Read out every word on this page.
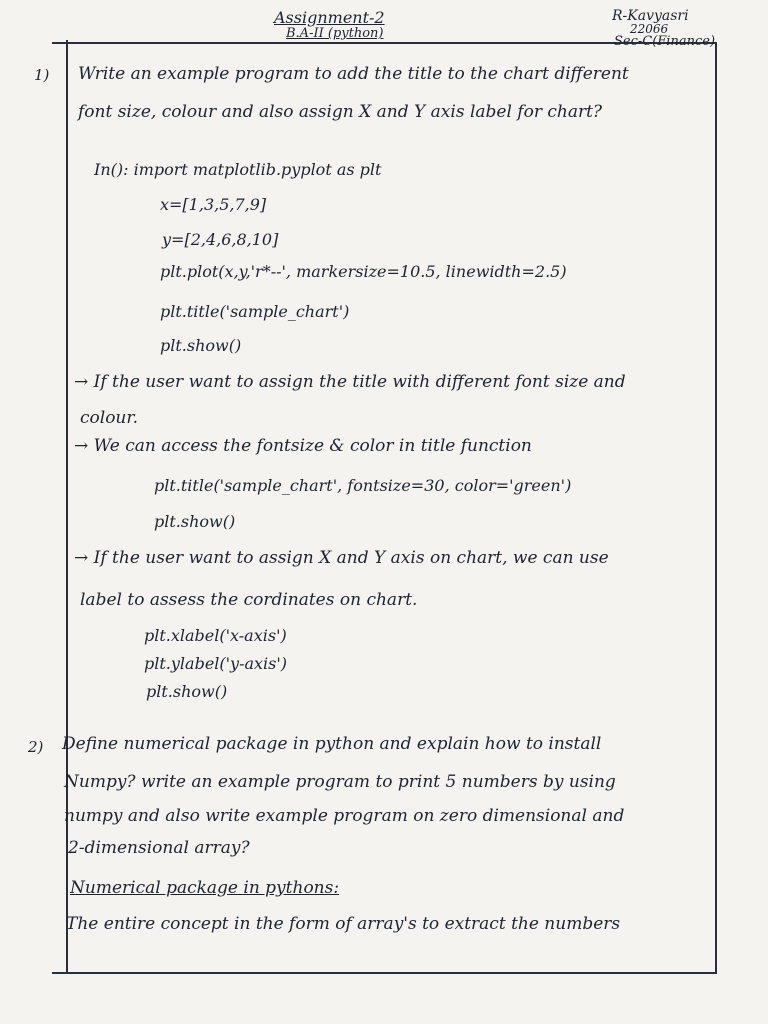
Assignment-2
B.A-II (python)
R-Kavyasri
22066
Sec-C(Finance)
1) Write an example program to add the title to the chart different
font size, colour and also assign X and Y axis label for chart?
In(): import matplotlib.pyplot as plt
x=[1,3,5,7,9]
y=[2,4,6,8,10]
plt.plot(x,y,'r*--', markersize=10.5, linewidth=2.5)
plt.title('sample_chart')
plt.show()
→ If the user want to assign the title with different font size and
colour.
→ We can access the fontsize & color in title function
plt.title('sample_chart', fontsize=30, color='green')
plt.show()
→ If the user want to assign X and Y axis on chart, we can use
label to assess the cordinates on chart.
plt.xlabel('x-axis')
plt.ylabel('y-axis')
plt.show()
2) Define numerical package in python and explain how to install
Numpy? write an example program to print 5 numbers by using
numpy and also write example program on zero dimensional and
2-dimensional array?
Numerical package in pythons:
The entire concept in the form of array's to extract the numbers
